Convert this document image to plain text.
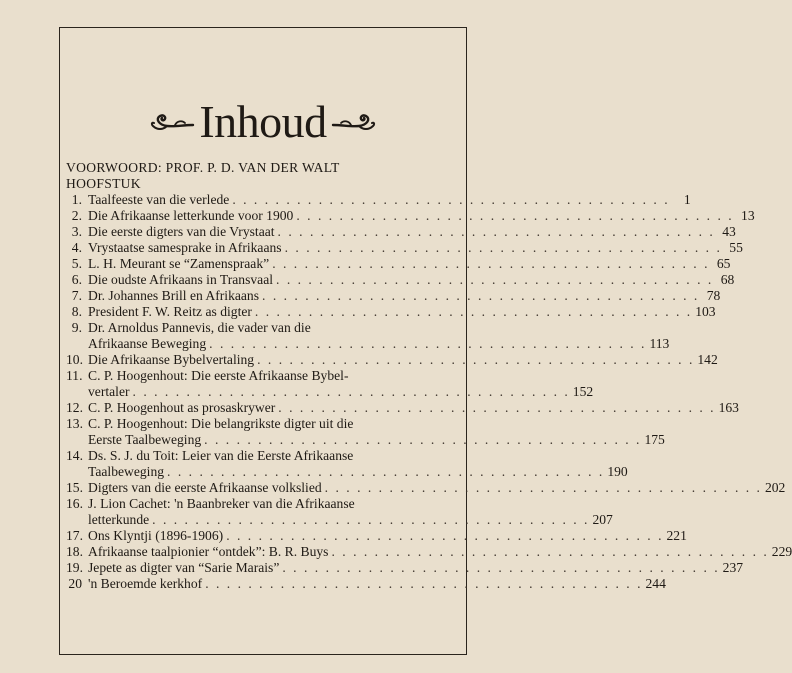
Inhoud
VOORWOORD: PROF. P. D. VAN DER WALT
HOOFSTUK
1. Taalfeeste van die verlede . . . . . . . . . . . . . . . . . . . . . . . . . . . . . . . . . . . . . . . . .	1
2. Die Afrikaanse letterkunde voor 1900 . . . . . . . . . . . . . . . . . . . . . . . . . . . . . . . . . . . . . . . . . 13
3. Die eerste digters van die Vrystaat . . . . . . . . . . . . . . . . . . . . . . . . . . . . . . . . . . . . . . . . . 43
4. Vrystaatse samesprake in Afrikaans . . . . . . . . . . . . . . . . . . . . . . . . . . . . . . . . . . . . . . . . . 55
5. L. H. Meurant se “Zamenspraak” . . . . . . . . . . . . . . . . . . . . . . . . . . . . . . . . . . . . . . . . . 65
6. Die oudste Afrikaans in Transvaal . . . . . . . . . . . . . . . . . . . . . . . . . . . . . . . . . . . . . . . . . 68
7. Dr. Johannes Brill en Afrikaans . . . . . . . . . . . . . . . . . . . . . . . . . . . . . . . . . . . . . . . . . 78
8. President F. W. Reitz as digter . . . . . . . . . . . . . . . . . . . . . . . . . . . . . . . . . . . . . . . . . 103
9. Dr. Arnoldus Pannevis, die vader van die
Afrikaanse Beweging . . . . . . . . . . . . . . . . . . . . . . . . . . . . . . . . . . . . . . . . . 113
10. Die Afrikaanse Bybelvertaling . . . . . . . . . . . . . . . . . . . . . . . . . . . . . . . . . . . . . . . . . 142
11. C. P. Hoogenhout: Die eerste Afrikaanse Bybel-
vertaler . . . . . . . . . . . . . . . . . . . . . . . . . . . . . . . . . . . . . . . . . 152
12. C. P. Hoogenhout as prosaskrywer . . . . . . . . . . . . . . . . . . . . . . . . . . . . . . . . . . . . . . . . . 163
13. C. P. Hoogenhout: Die belangrikste digter uit die
Eerste Taalbeweging . . . . . . . . . . . . . . . . . . . . . . . . . . . . . . . . . . . . . . . . . 175
14. Ds. S. J. du Toit: Leier van die Eerste Afrikaanse
Taalbeweging . . . . . . . . . . . . . . . . . . . . . . . . . . . . . . . . . . . . . . . . . 190
15. Digters van die eerste Afrikaanse volkslied . . . . . . . . . . . . . . . . . . . . . . . . . . . . . . . . . . . . . . . . . 202
16. J. Lion Cachet: 'n Baanbreker van die Afrikaanse
letterkunde . . . . . . . . . . . . . . . . . . . . . . . . . . . . . . . . . . . . . . . . . 207
17. Ons Klyntji (1896-1906) . . . . . . . . . . . . . . . . . . . . . . . . . . . . . . . . . . . . . . . . . 221
18. Afrikaanse taalpionier “ontdek”: B. R. Buys . . . . . . . . . . . . . . . . . . . . . . . . . . . . . . . . . . . . . . . . . 229
19. Jepete as digter van “Sarie Marais” . . . . . . . . . . . . . . . . . . . . . . . . . . . . . . . . . . . . . . . . . 237
20 'n Beroemde kerkhof . . . . . . . . . . . . . . . . . . . . . . . . . . . . . . . . . . . . . . . . . 244
